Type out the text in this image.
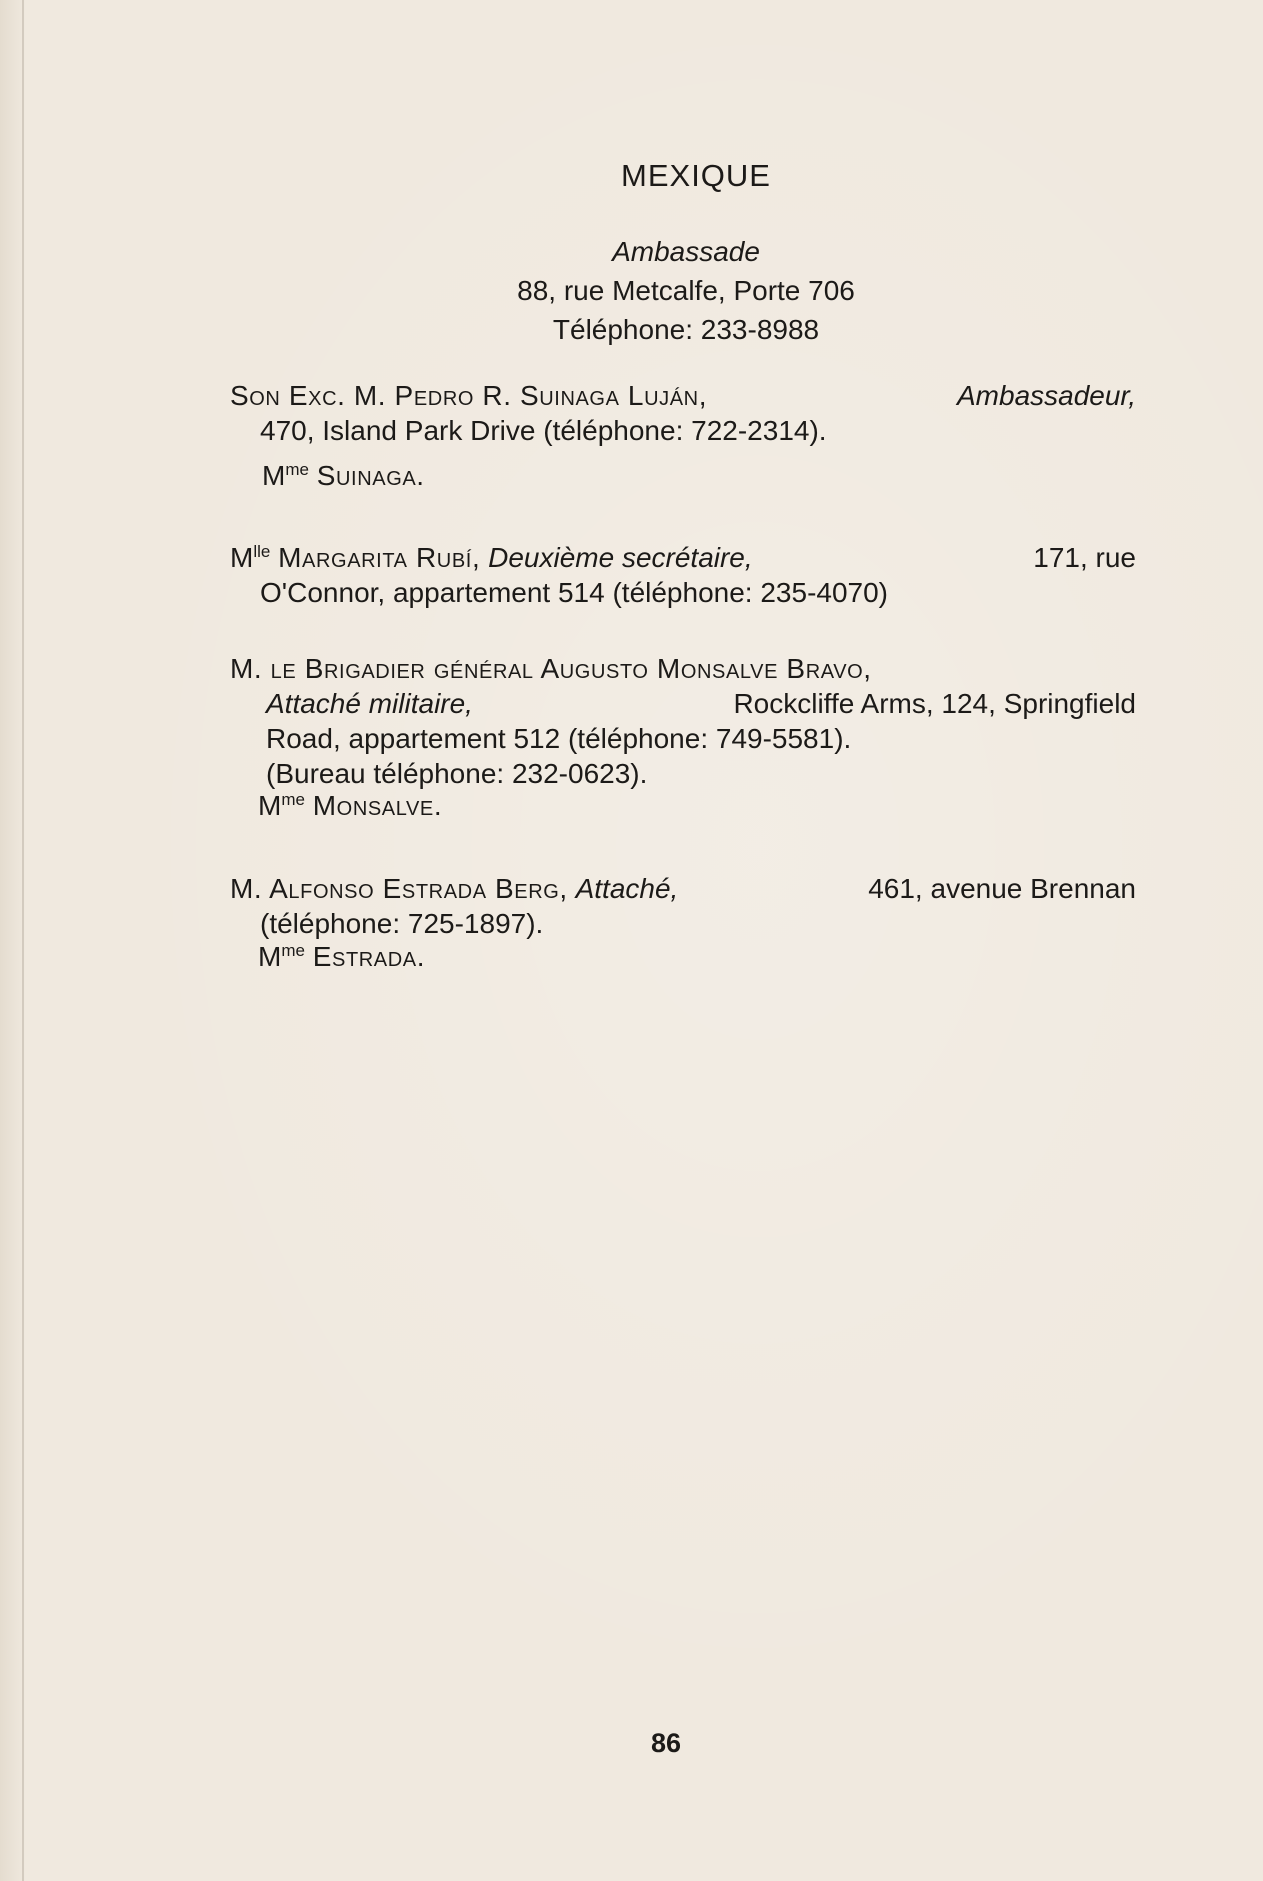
MEXIQUE
Ambassade
88, rue Metcalfe, Porte 706
Téléphone: 233-8988
Son Exc. M. Pedro R. Suinaga Luján,	Ambassadeur,
470, Island Park Drive (téléphone: 722-2314).
$M^{me}$ Suinaga.
$M^{lle}$ Margarita Rubí, Deuxième secrétaire,	171, rue
O'Connor, appartement 514 (téléphone: 235-4070)
M. le Brigadier général Augusto Monsalve Bravo,
Attaché militaire,	Rockcliffe Arms, 124, Springfield
Road, appartement 512 (téléphone: 749-5581).
(Bureau téléphone: 232-0623).
$M^{me}$ Monsalve.
M. Alfonso Estrada Berg, Attaché,	461, avenue Brennan
(téléphone: 725-1897).
$M^{me}$ Estrada.
86
